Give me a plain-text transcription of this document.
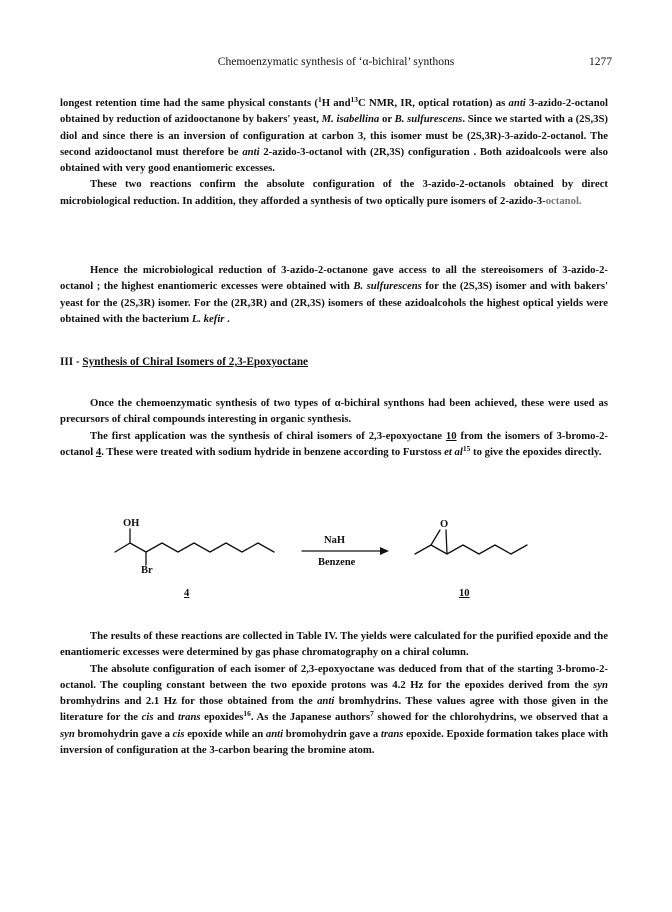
Chemoenzymatic synthesis of ‘α-bichiral’ synthons	1277

longest retention time had the same physical constants ($^1$H and$^{13}$C NMR, IR, optical rotation) as anti 3-azido-2-octanol obtained by reduction of azidooctanone by bakers' yeast, M. isabellina or B. sulfurescens. Since we started with a (2S,3S) diol and since there is an inversion of configuration at carbon 3, this isomer must be (2S,3R)-3-azido-2-octanol. The second azidooctanol must therefore be anti 2-azido-3-octanol with (2R,3S) configuration . Both azidoalcools were also obtained with very good enantiomeric excesses.

These two reactions confirm the absolute configuration of the 3-azido-2-octanols obtained by direct microbiological reduction. In addition, they afforded a synthesis of two optically pure isomers of 2-azido-3-octanol.

Hence the microbiological reduction of 3-azido-2-octanone gave access to all the stereoisomers of 3-azido-2-octanol ; the highest enantiomeric excesses were obtained with B. sulfurescens for the (2S,3S) isomer and with bakers' yeast for the (2S,3R) isomer. For the (2R,3R) and (2R,3S) isomers of these azidoalcohols the highest optical yields were obtained with the bacterium L. kefir .
III - Synthesis of Chiral Isomers of 2,3-Epoxyoctane

Once the chemoenzymatic synthesis of two types of α-bichiral synthons had been achieved, these were used as precursors of chiral compounds interesting in organic synthesis.

The first application was the synthesis of chiral isomers of 2,3-epoxyoctane 10 from the isomers of 3-bromo-2-octanol 4. These were treated with sodium hydride in benzene according to Furstoss et $al^{15}$ to give the epoxides directly.

OH
Br
O
NaH
Benzene
4	10

The results of these reactions are collected in Table IV. The yields were calculated for the purified epoxide and the enantiomeric excesses were determined by gas phase chromatography on a chiral column.

The absolute configuration of each isomer of 2,3-epoxyoctane was deduced from that of the starting 3-bromo-2-octanol. The coupling constant between the two epoxide protons was 4.2 Hz for the epoxides derived from the syn bromhydrins and 2.1 Hz for those obtained from the anti bromhydrins. These values agree with those given in the literature for the cis and trans epoxides$^{16}$. As the Japanese authors$^7$ showed for the chlorohydrins, we observed that a syn bromohydrin gave a cis epoxide while an anti bromohydrin gave a trans epoxide. Epoxide formation takes place with inversion of configuration at the 3-carbon bearing the bromine atom.
